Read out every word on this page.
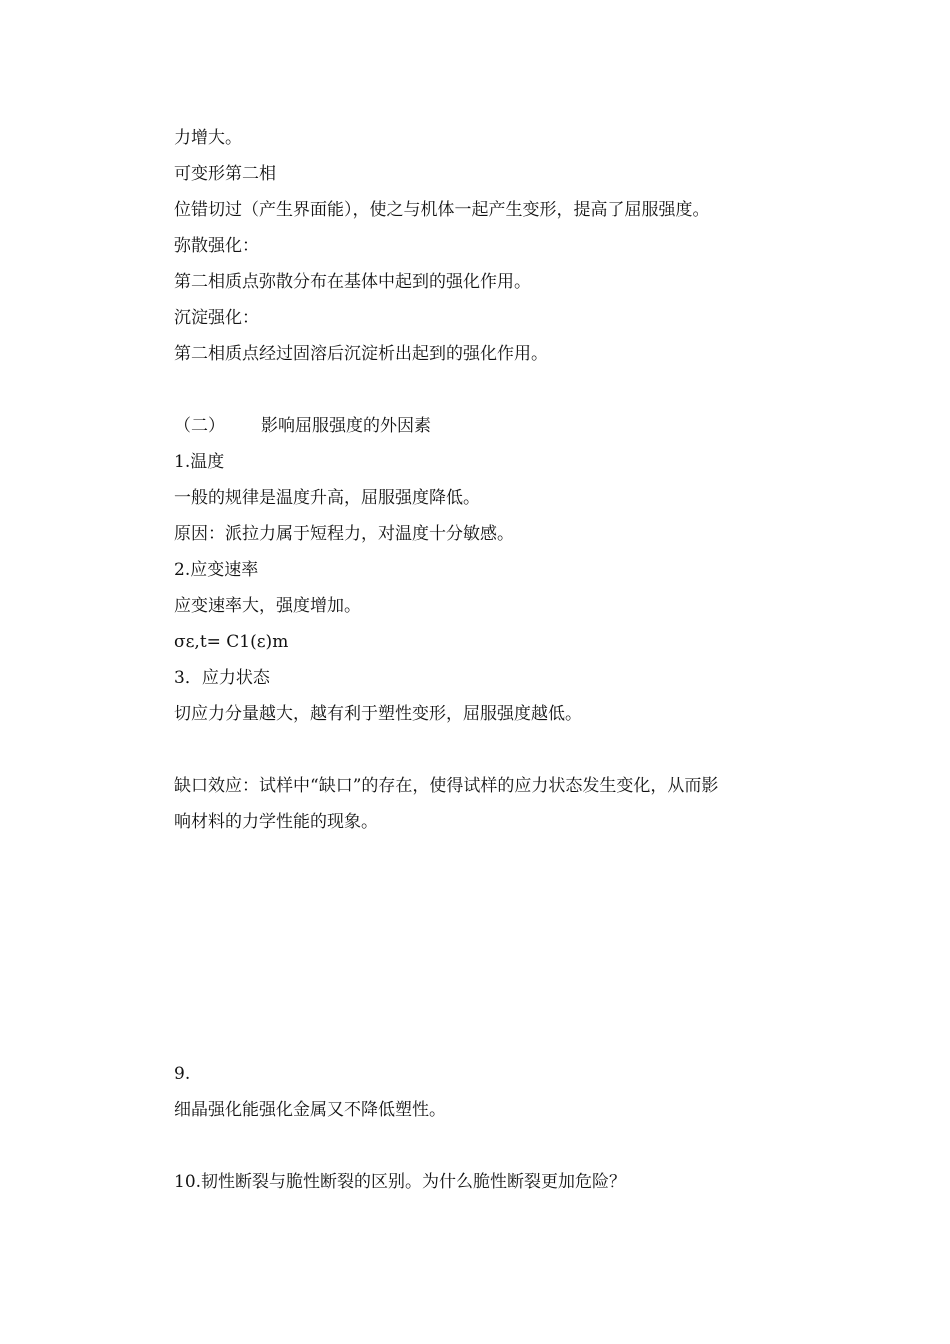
力增大。
可变形第二相
位错切过（产生界面能），使之与机体一起产生变形，提高了屈服强度。
弥散强化：
第二相质点弥散分布在基体中起到的强化作用。
沉淀强化：
第二相质点经过固溶后沉淀析出起到的强化作用。
（二） 影响屈服强度的外因素
1.温度
一般的规律是温度升高，屈服强度降低。
原因：派拉力属于短程力，对温度十分敏感。
2.应变速率
应变速率大，强度增加。
σε,t= C1(ε)m
3．应力状态
切应力分量越大，越有利于塑性变形，屈服强度越低。
缺口效应：试样中“缺口”的存在，使得试样的应力状态发生变化，从而影
响材料的力学性能的现象。
9.
细晶强化能强化金属又不降低塑性。
10.韧性断裂与脆性断裂的区别。为什么脆性断裂更加危险？
